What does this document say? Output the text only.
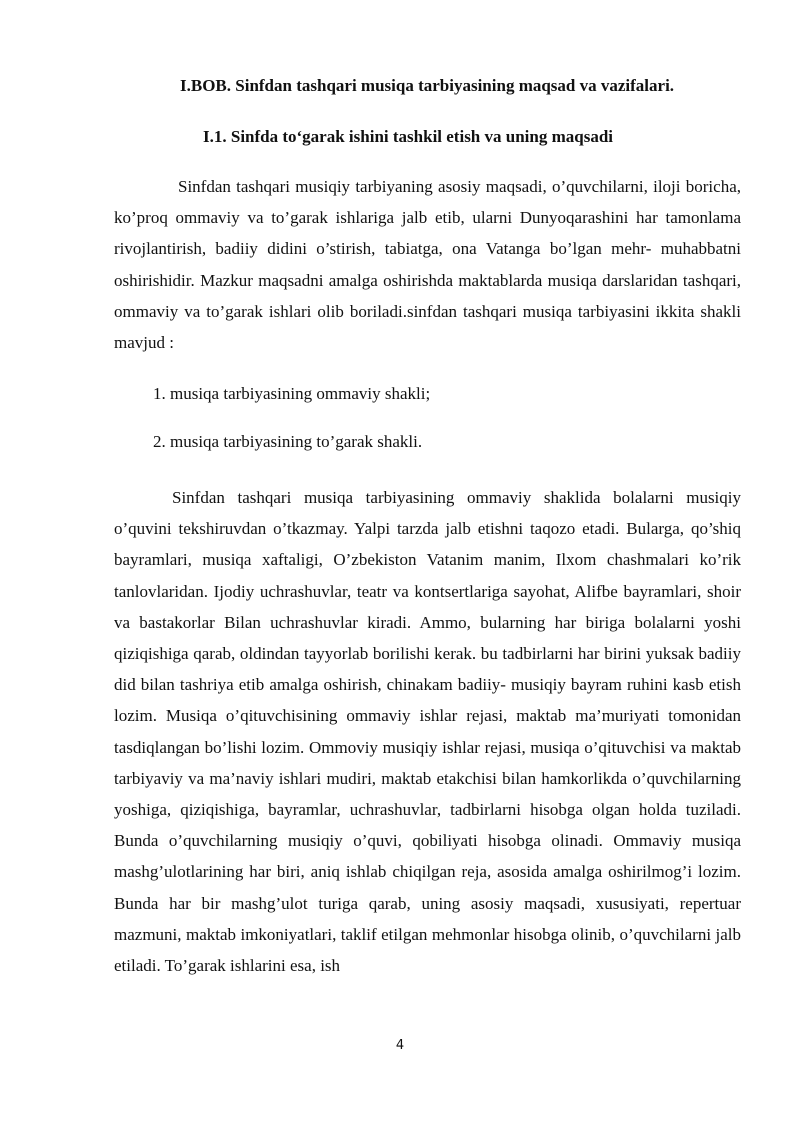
I.BOB. Sinfdan tashqari musiqa tarbiyasining maqsad va vazifalari.
I.1. Sinfda to‘garak ishini tashkil etish va uning maqsadi

Sinfdan tashqari musiqiy tarbiyaning asosiy maqsadi, o’quvchilarni, iloji boricha, ko’proq ommaviy va to’garak ishlariga jalb etib, ularni Dunyoqarashini har tamonlama rivojlantirish, badiiy didini o’stirish, tabiatga, ona Vatanga bo’lgan mehr- muhabbatni oshirishidir. Mazkur maqsadni amalga oshirishda maktablarda musiqa darslaridan tashqari, ommaviy va to’garak ishlari olib boriladi.sinfdan tashqari musiqa tarbiyasini ikkita shakli mavjud :

1. musiqa tarbiyasining ommaviy shakli;

2. musiqa tarbiyasining to’garak shakli.

Sinfdan tashqari musiqa tarbiyasining ommaviy shaklida bolalarni musiqiy o’quvini tekshiruvdan o’tkazmay. Yalpi tarzda jalb etishni taqozo etadi. Bularga, qo’shiq bayramlari, musiqa xaftaligi, O’zbekiston Vatanim manim, Ilxom chashmalari ko’rik tanlovlaridan. Ijodiy uchrashuvlar, teatr va kontsertlariga sayohat, Alifbe bayramlari, shoir va bastakorlar Bilan uchrashuvlar kiradi. Ammo, bularning har biriga bolalarni yoshi qiziqishiga qarab, oldindan tayyorlab borilishi kerak. bu tadbirlarni har birini yuksak badiiy did bilan tashriya etib amalga oshirish, chinakam badiiy- musiqiy bayram ruhini kasb etish lozim. Musiqa o’qituvchisining ommaviy ishlar rejasi, maktab ma’muriyati tomonidan tasdiqlangan bo’lishi lozim. Ommoviy musiqiy ishlar rejasi, musiqa o’qituvchisi va maktab tarbiyaviy va ma’naviy ishlari mudiri, maktab etakchisi bilan hamkorlikda o’quvchilarning yoshiga, qiziqishiga, bayramlar, uchrashuvlar, tadbirlarni hisobga olgan holda tuziladi. Bunda o’quvchilarning musiqiy o’quvi, qobiliyati hisobga olinadi. Ommaviy musiqa mashg’ulotlarining har biri, aniq ishlab chiqilgan reja, asosida amalga oshirilmog’i lozim. Bunda har bir mashg’ulot turiga qarab, uning asosiy maqsadi, xususiyati, repertuar mazmuni, maktab imkoniyatlari, taklif etilgan mehmonlar hisobga olinib, o’quvchilarni jalb etiladi. To’garak ishlarini esa, ish

4
